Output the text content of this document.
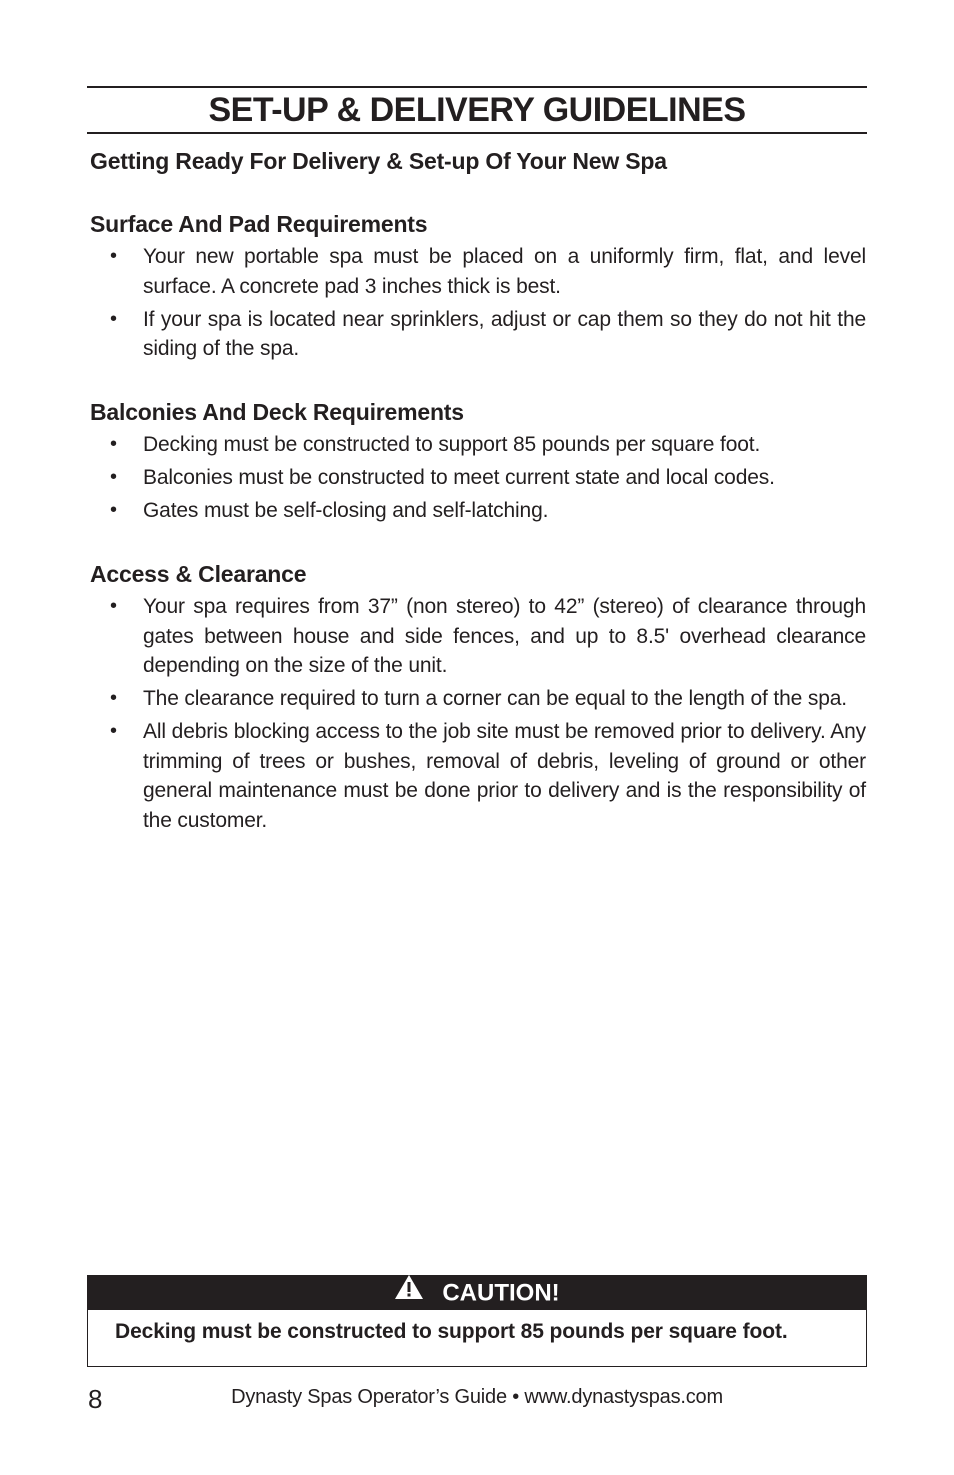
SET-UP & DELIVERY GUIDELINES
Getting Ready For Delivery & Set-up Of Your New Spa
Surface And Pad Requirements
• Your new portable spa must be placed on a uniformly firm, flat, and level surface. A concrete pad 3 inches thick is best.
• If your spa is located near sprinklers, adjust or cap them so they do not hit the siding of the spa.
Balconies And Deck Requirements
• Decking must be constructed to support 85 pounds per square foot.
• Balconies must be constructed to meet current state and local codes.
• Gates must be self-closing and self-latching.
Access & Clearance
• Your spa requires from 37” (non stereo) to 42” (stereo) of clearance through gates between house and side fences, and up to 8.5' overhead clearance depending on the size of the unit.
• The clearance required to turn a corner can be equal to the length of the spa.
• All debris blocking access to the job site must be removed prior to delivery. Any trimming of trees or bushes, removal of debris, leveling of ground or other general maintenance must be done prior to delivery and is the responsibility of the customer.
CAUTION!
Decking must be constructed to support 85 pounds per square foot.
8	Dynasty Spas Operator’s Guide • www.dynastyspas.com
